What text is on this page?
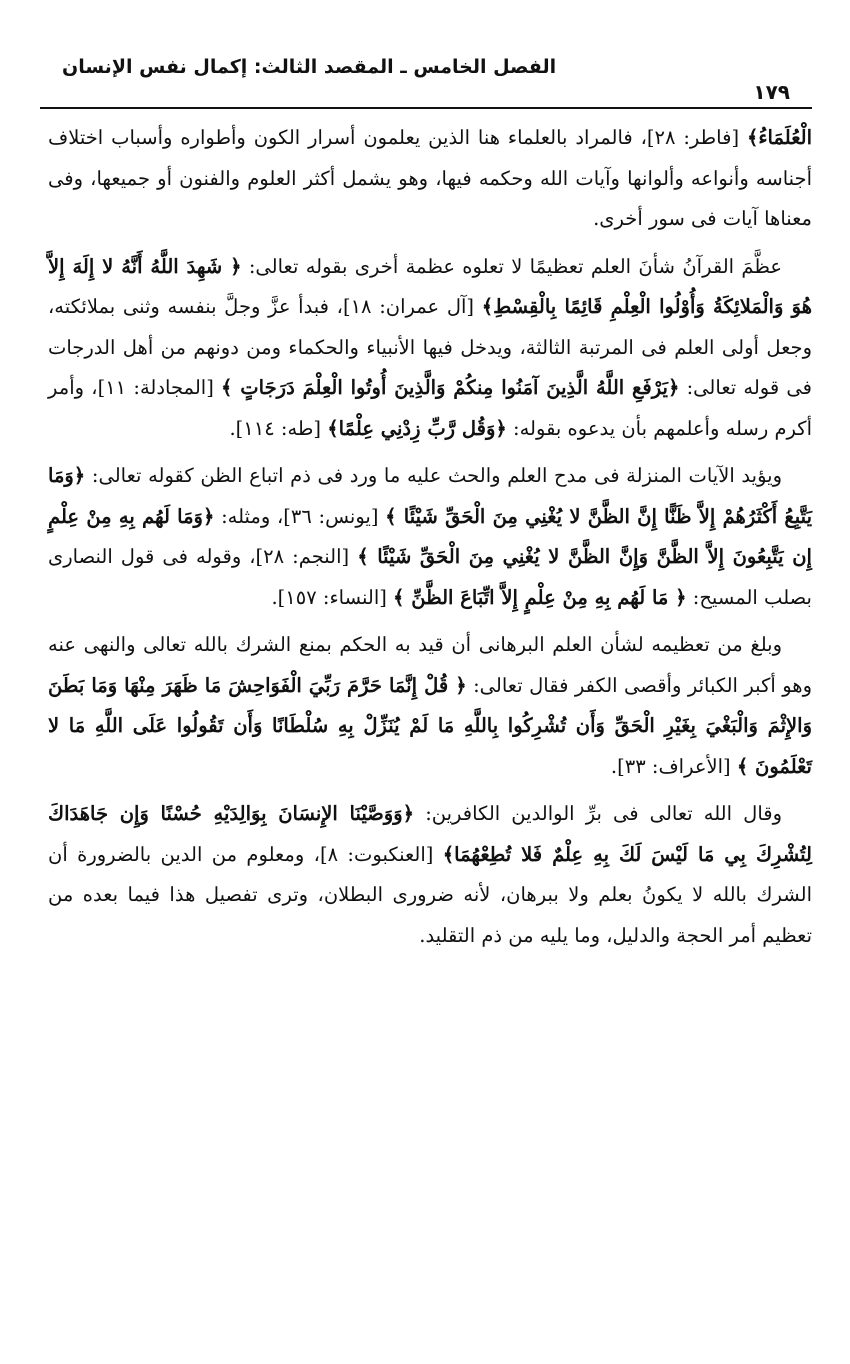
الفصل الخامس ـ المقصد الثالث: إكمال نفس الإنسان
١٧٩

الْعُلَمَاءُ﴾ [فاطر: ٢٨]، فالمراد بالعلماء هنا الذين يعلمون أسرار الكون وأطواره وأسباب اختلاف أجناسه وأنواعه وألوانها وآيات الله وحكمه فيها، وهو يشمل أكثر العلوم والفنون أو جميعها، وفى معناها آيات فى سور أخرى.

عظَّمَ القرآنُ شأنَ العلم تعظيمًا لا تعلوه عظمة أخرى بقوله تعالى: ﴿ شَهِدَ اللَّهُ أَنَّهُ لا إِلَهَ إِلاَّ هُوَ وَالْمَلائِكَةُ وَأُوْلُوا الْعِلْمِ قَائِمًا بِالْقِسْطِ﴾ [آل عمران: ١٨]، فبدأ عزَّ وجلَّ بنفسه وثنى بملائكته، وجعل أولى العلم فى المرتبة الثالثة، ويدخل فيها الأنبياء والحكماء ومن دونهم من أهل الدرجات فى قوله تعالى: ﴿يَرْفَعِ اللَّهُ الَّذِينَ آمَنُوا مِنكُمْ وَالَّذِينَ أُوتُوا الْعِلْمَ دَرَجَاتٍ ﴾ [المجادلة: ١١]، وأمر أكرم رسله وأعلمهم بأن يدعوه بقوله: ﴿وَقُل رَّبِّ زِدْنِي عِلْمًا﴾ [طه: ١١٤].

ويؤيد الآيات المنزلة فى مدح العلم والحث عليه ما ورد فى ذم اتباع الظن كقوله تعالى: ﴿وَمَا يَتَّبِعُ أَكْثَرُهُمْ إِلاَّ ظَنًّا إِنَّ الظَّنَّ لا يُغْنِي مِنَ الْحَقِّ شَيْئًا ﴾ [يونس: ٣٦]، ومثله: ﴿وَمَا لَهُم بِهِ مِنْ عِلْمٍ إِن يَتَّبِعُونَ إِلاَّ الظَّنَّ وَإِنَّ الظَّنَّ لا يُغْنِي مِنَ الْحَقِّ شَيْئًا ﴾ [النجم: ٢٨]، وقوله فى قول النصارى بصلب المسيح: ﴿ مَا لَهُم بِهِ مِنْ عِلْمٍ إِلاَّ اتِّبَاعَ الظَّنِّ ﴾ [النساء: ١٥٧].

وبلغ من تعظيمه لشأن العلم البرهانى أن قيد به الحكم بمنع الشرك بالله تعالى والنهى عنه وهو أكبر الكبائر وأقصى الكفر فقال تعالى: ﴿ قُلْ إِنَّمَا حَرَّمَ رَبِّيَ الْفَوَاحِشَ مَا ظَهَرَ مِنْهَا وَمَا بَطَنَ وَالإِثْمَ وَالْبَغْيَ بِغَيْرِ الْحَقِّ وَأَن تُشْرِكُوا بِاللَّهِ مَا لَمْ يُنَزِّلْ بِهِ سُلْطَانًا وَأَن تَقُولُوا عَلَى اللَّهِ مَا لا تَعْلَمُونَ ﴾ [الأعراف: ٣٣].

وقال الله تعالى فى برِّ الوالدين الكافرين: ﴿وَوَصَّيْنَا الإِنسَانَ بِوَالِدَيْهِ حُسْنًا وَإِن جَاهَدَاكَ لِتُشْرِكَ بِي مَا لَيْسَ لَكَ بِهِ عِلْمٌ فَلا تُطِعْهُمَا﴾ [العنكبوت: ٨]، ومعلوم من الدين بالضرورة أن الشرك بالله لا يكونُ بعلم ولا ببرهان، لأنه ضرورى البطلان، وترى تفصيل هذا فيما بعده من تعظيم أمر الحجة والدليل، وما يليه من ذم التقليد.
